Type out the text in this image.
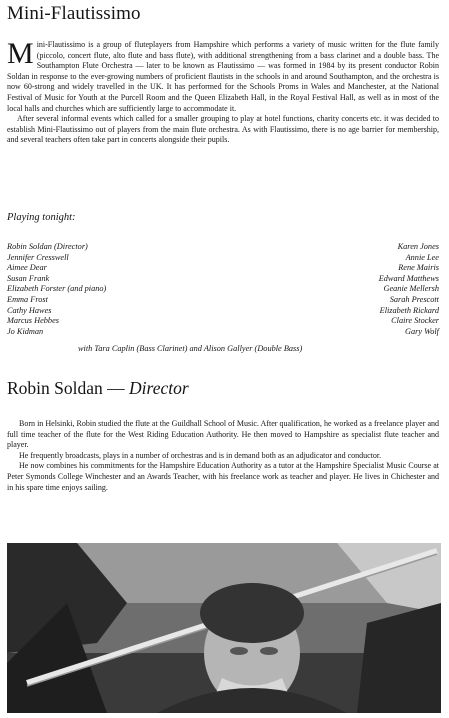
Mini-Flautissimo

Mini-Flautissimo is a group of fluteplayers from Hampshire which performs a variety of music written for the flute family (piccolo, concert flute, alto flute and bass flute), with additional strengthening from a bass clarinet and a double bass. The Southampton Flute Orchestra — later to be known as Flautissimo — was formed in 1984 by its present conductor Robin Soldan in response to the ever-growing numbers of proficient flautists in the schools in and around Southampton, and the orchestra is now 60-strong and widely travelled in the UK. It has performed for the Schools Proms in Wales and Manchester, at the National Festival of Music for Youth at the Purcell Room and the Queen Elizabeth Hall, in the Royal Festival Hall, as well as in most of the local halls and churches which are sufficiently large to accommodate it.

After several informal events which called for a smaller grouping to play at hotel functions, charity concerts etc. it was decided to establish Mini-Flautissimo out of players from the main flute orchestra. As with Flautissimo, there is no age barrier for membership, and several teachers often take part in concerts alongside their pupils.

Playing tonight:
Robin Soldan (Director)
Jennifer Cresswell
Aimee Dear
Susan Frank
Elizabeth Forster (and piano)
Emma Frost
Cathy Hawes
Marcus Hebbes
Jo Kidman
Karen Jones
Annie Lee
Rene Mairis
Edward Matthews
Geanie Mellersh
Sarah Prescott
Elizabeth Rickard
Claire Stocker
Gary Wolf
with Tara Caplin (Bass Clarinet) and Alison Gallyer (Double Bass)
Robin Soldan — Director

Born in Helsinki, Robin studied the flute at the Guildhall School of Music. After qualification, he worked as a freelance player and full time teacher of the flute for the West Riding Education Authority. He then moved to Hampshire as specialist flute teacher and player.

He frequently broadcasts, plays in a number of orchestras and is in demand both as an adjudicator and conductor.

He now combines his commitments for the Hampshire Education Authority as a tutor at the Hampshire Specialist Music Course at Peter Symonds College Winchester and an Awards Teacher, with his freelance work as teacher and player. He lives in Chichester and in his spare time enjoys sailing.
